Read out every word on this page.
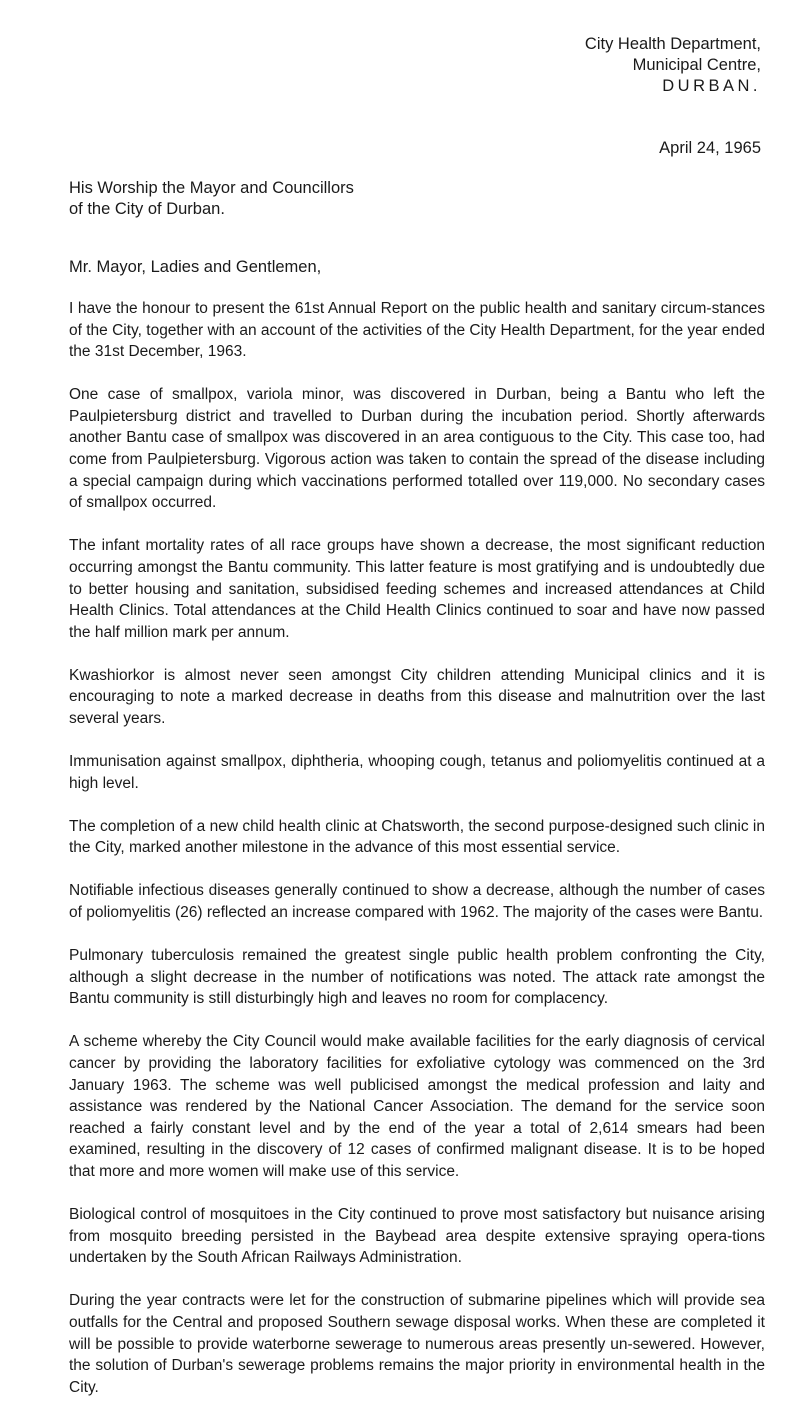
City Health Department,
Municipal Centre,
DURBAN.
April 24, 1965
His Worship the Mayor and Councillors
of the City of Durban.
Mr. Mayor, Ladies and Gentlemen,

I have the honour to present the 61st Annual Report on the public health and sanitary circum-stances of the City, together with an account of the activities of the City Health Department, for the year ended the 31st December, 1963.

One case of smallpox, variola minor, was discovered in Durban, being a Bantu who left the Paulpietersburg district and travelled to Durban during the incubation period. Shortly afterwards another Bantu case of smallpox was discovered in an area contiguous to the City. This case too, had come from Paulpietersburg. Vigorous action was taken to contain the spread of the disease including a special campaign during which vaccinations performed totalled over 119,000. No secondary cases of smallpox occurred.

The infant mortality rates of all race groups have shown a decrease, the most significant reduction occurring amongst the Bantu community. This latter feature is most gratifying and is undoubtedly due to better housing and sanitation, subsidised feeding schemes and increased attendances at Child Health Clinics. Total attendances at the Child Health Clinics continued to soar and have now passed the half million mark per annum.

Kwashiorkor is almost never seen amongst City children attending Municipal clinics and it is encouraging to note a marked decrease in deaths from this disease and malnutrition over the last several years.

Immunisation against smallpox, diphtheria, whooping cough, tetanus and poliomyelitis continued at a high level.

The completion of a new child health clinic at Chatsworth, the second purpose-designed such clinic in the City, marked another milestone in the advance of this most essential service.

Notifiable infectious diseases generally continued to show a decrease, although the number of cases of poliomyelitis (26) reflected an increase compared with 1962. The majority of the cases were Bantu.

Pulmonary tuberculosis remained the greatest single public health problem confronting the City, although a slight decrease in the number of notifications was noted. The attack rate amongst the Bantu community is still disturbingly high and leaves no room for complacency.

A scheme whereby the City Council would make available facilities for the early diagnosis of cervical cancer by providing the laboratory facilities for exfoliative cytology was commenced on the 3rd January 1963. The scheme was well publicised amongst the medical profession and laity and assistance was rendered by the National Cancer Association. The demand for the service soon reached a fairly constant level and by the end of the year a total of 2,614 smears had been examined, resulting in the discovery of 12 cases of confirmed malignant disease. It is to be hoped that more and more women will make use of this service.

Biological control of mosquitoes in the City continued to prove most satisfactory but nuisance arising from mosquito breeding persisted in the Baybead area despite extensive spraying opera-tions undertaken by the South African Railways Administration.

During the year contracts were let for the construction of submarine pipelines which will provide sea outfalls for the Central and proposed Southern sewage disposal works. When these are completed it will be possible to provide waterborne sewerage to numerous areas presently un-sewered. However, the solution of Durban's sewerage problems remains the major priority in environmental health in the City.
